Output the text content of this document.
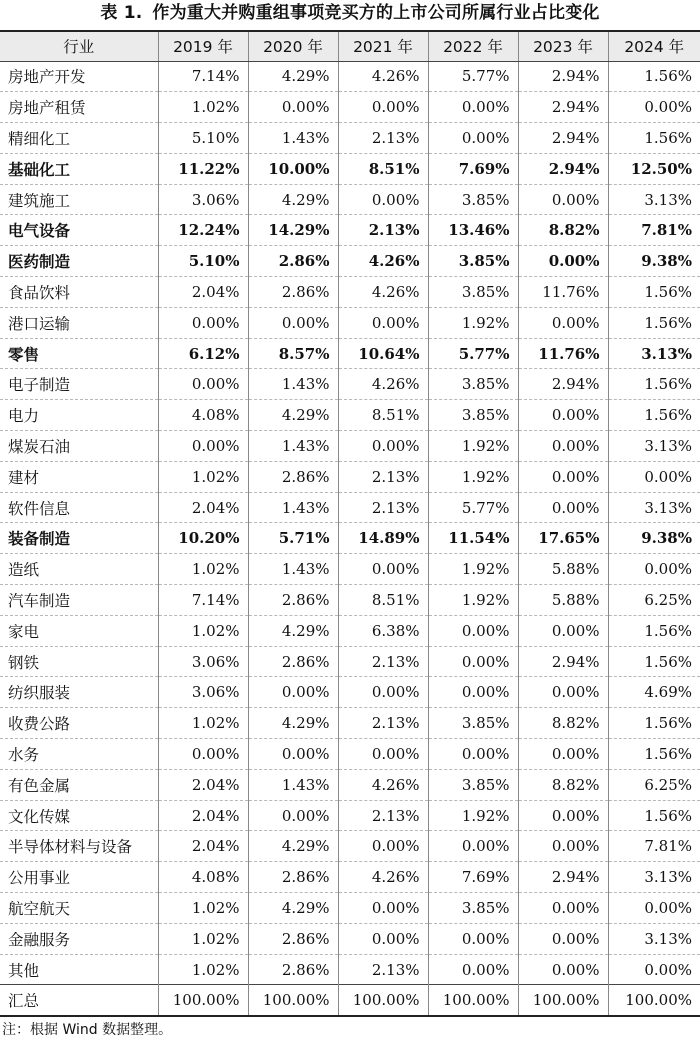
表 1. 作为重大并购重组事项竞买方的上市公司所属行业占比变化
行业	2019 年	2020 年	2021 年	2022 年	2023 年	2024 年
房地产开发	7.14%	4.29%	4.26%	5.77%	2.94%	1.56%
房地产租赁	1.02%	0.00%	0.00%	0.00%	2.94%	0.00%
精细化工	5.10%	1.43%	2.13%	0.00%	2.94%	1.56%
基础化工	11.22%	10.00%	8.51%	7.69%	2.94%	12.50%
建筑施工	3.06%	4.29%	0.00%	3.85%	0.00%	3.13%
电气设备	12.24%	14.29%	2.13%	13.46%	8.82%	7.81%
医药制造	5.10%	2.86%	4.26%	3.85%	0.00%	9.38%
食品饮料	2.04%	2.86%	4.26%	3.85%	11.76%	1.56%
港口运输	0.00%	0.00%	0.00%	1.92%	0.00%	1.56%
零售	6.12%	8.57%	10.64%	5.77%	11.76%	3.13%
电子制造	0.00%	1.43%	4.26%	3.85%	2.94%	1.56%
电力	4.08%	4.29%	8.51%	3.85%	0.00%	1.56%
煤炭石油	0.00%	1.43%	0.00%	1.92%	0.00%	3.13%
建材	1.02%	2.86%	2.13%	1.92%	0.00%	0.00%
软件信息	2.04%	1.43%	2.13%	5.77%	0.00%	3.13%
装备制造	10.20%	5.71%	14.89%	11.54%	17.65%	9.38%
造纸	1.02%	1.43%	0.00%	1.92%	5.88%	0.00%
汽车制造	7.14%	2.86%	8.51%	1.92%	5.88%	6.25%
家电	1.02%	4.29%	6.38%	0.00%	0.00%	1.56%
钢铁	3.06%	2.86%	2.13%	0.00%	2.94%	1.56%
纺织服装	3.06%	0.00%	0.00%	0.00%	0.00%	4.69%
收费公路	1.02%	4.29%	2.13%	3.85%	8.82%	1.56%
水务	0.00%	0.00%	0.00%	0.00%	0.00%	1.56%
有色金属	2.04%	1.43%	4.26%	3.85%	8.82%	6.25%
文化传媒	2.04%	0.00%	2.13%	1.92%	0.00%	1.56%
半导体材料与设备	2.04%	4.29%	0.00%	0.00%	0.00%	7.81%
公用事业	4.08%	2.86%	4.26%	7.69%	2.94%	3.13%
航空航天	1.02%	4.29%	0.00%	3.85%	0.00%	0.00%
金融服务	1.02%	2.86%	0.00%	0.00%	0.00%	3.13%
其他	1.02%	2.86%	2.13%	0.00%	0.00%	0.00%
汇总	100.00%	100.00%	100.00%	100.00%	100.00%	100.00%
注：根据 Wind 数据整理。
